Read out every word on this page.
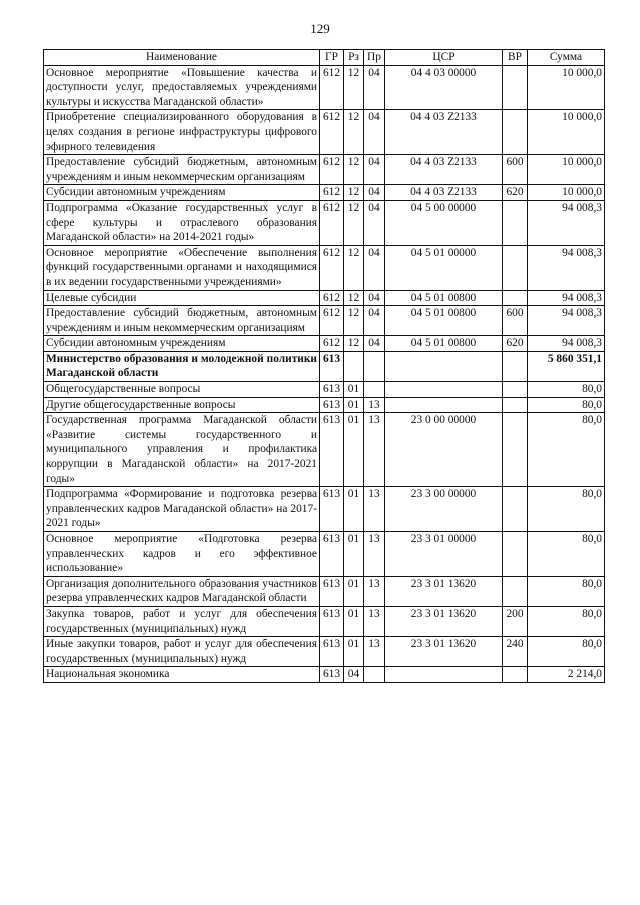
129
Наименование	ГР	Рз	Пр	ЦСР	ВР	Сумма
Основное мероприятие «Повышение качества и доступности услуг, предоставляемых учреждениями культуры и искусства Магаданской области»	612	12	04	04 4 03 00000		10 000,0
Приобретение специализированного оборудования в целях создания в регионе инфраструктуры цифрового эфирного телевидения	612	12	04	04 4 03 Z2133		10 000,0
Предоставление субсидий бюджетным, автономным учреждениям и иным некоммерческим организациям	612	12	04	04 4 03 Z2133	600	10 000,0
Субсидии автономным учреждениям	612	12	04	04 4 03 Z2133	620	10 000,0
Подпрограмма «Оказание государственных услуг в сфере культуры и отраслевого образования Магаданской области» на 2014-2021 годы»	612	12	04	04 5 00 00000		94 008,3
Основное мероприятие «Обеспечение выполнения функций государственными органами и находящимися в их ведении государственными учреждениями»	612	12	04	04 5 01 00000		94 008,3
Целевые субсидии	612	12	04	04 5 01 00800		94 008,3
Предоставление субсидий бюджетным, автономным учреждениям и иным некоммерческим организациям	612	12	04	04 5 01 00800	600	94 008,3
Субсидии автономным учреждениям	612	12	04	04 5 01 00800	620	94 008,3
Министерство образования и молодежной политики Магаданской области	613					5 860 351,1
Общегосударственные вопросы	613	01				80,0
Другие общегосударственные вопросы	613	01	13			80,0
Государственная программа Магаданской области «Развитие системы государственного и муниципального управления и профилактика коррупции в Магаданской области» на 2017-2021 годы»	613	01	13	23 0 00 00000		80,0
Подпрограмма «Формирование и подготовка резерва управленческих кадров Магаданской области» на 2017-2021 годы»	613	01	13	23 3 00 00000		80,0
Основное мероприятие «Подготовка резерва управленческих кадров и его эффективное использование»	613	01	13	23 3 01 00000		80,0
Организация дополнительного образования участников резерва управленческих кадров Магаданской области	613	01	13	23 3 01 13620		80,0
Закупка товаров, работ и услуг для обеспечения государственных (муниципальных) нужд	613	01	13	23 3 01 13620	200	80,0
Иные закупки товаров, работ и услуг для обеспечения государственных (муниципальных) нужд	613	01	13	23 3 01 13620	240	80,0
Национальная экономика	613	04				2 214,0
